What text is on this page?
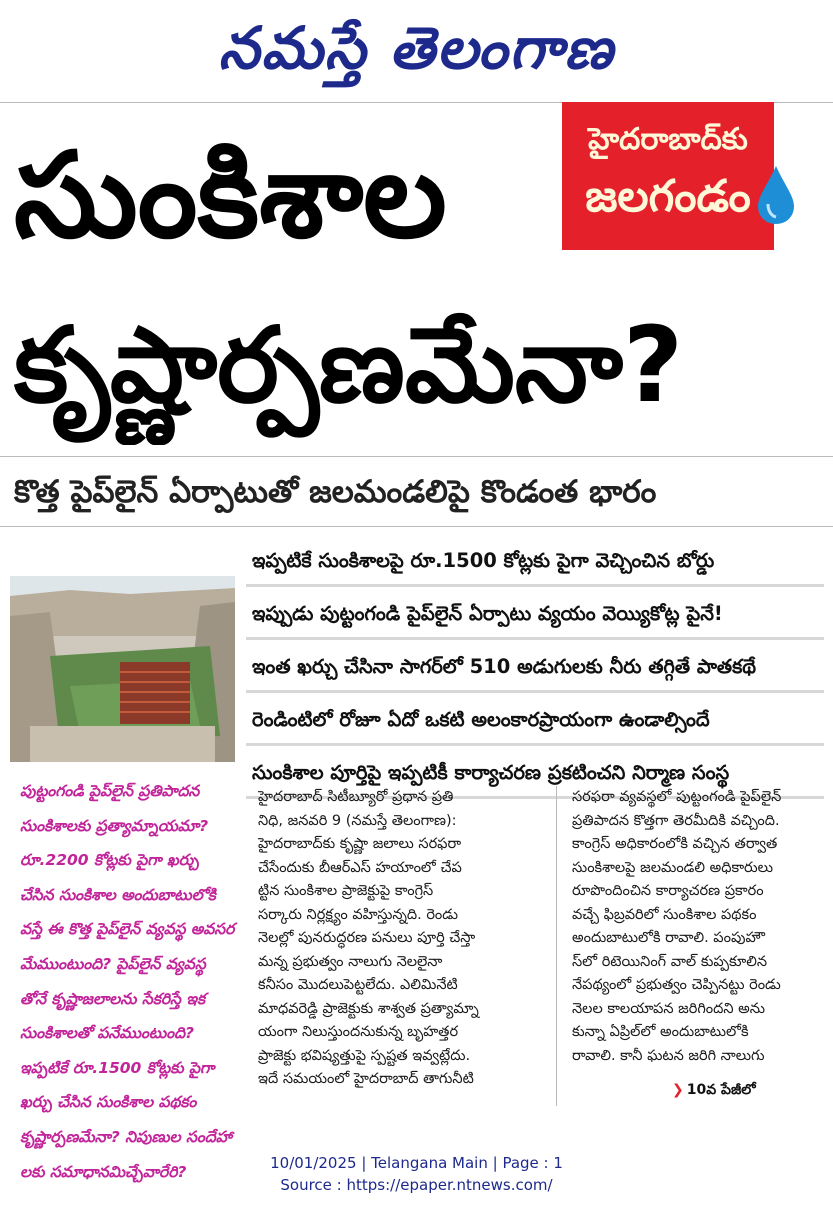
నమస్తే తెలంగాణ
సుంకిశాల
కృష్ణార్పణమేనా?
హైదరాబాద్‌కు
జలగండం
కొత్త పైప్‌లైన్ ఏర్పాటుతో జలమండలిపై కొండంత భారం
ఇప్పటికే సుంకిశాలపై రూ.1500 కోట్లకు పైగా వెచ్చించిన బోర్డు
ఇప్పుడు పుట్టంగండి పైప్‌లైన్ ఏర్పాటు వ్యయం వెయ్యికోట్ల పైనే!
ఇంత ఖర్చు చేసినా సాగర్‌లో 510 అడుగులకు నీరు తగ్గితే పాతకథే
రెండింటిలో రోజూ ఏదో ఒకటి అలంకారప్రాయంగా ఉండాల్సిందే
సుంకిశాల పూర్తిపై ఇప్పటికీ కార్యాచరణ ప్రకటించని నిర్మాణ సంస్థ

పుట్టంగండి పైప్‌లైన్ ప్రతిపాదన

సుంకిశాలకు ప్రత్యామ్నాయమా?

రూ.2200 కోట్లకు పైగా ఖర్చు

చేసిన సుంకిశాల అందుబాటులోకి

వస్తే ఈ కొత్త పైప్‌లైన్ వ్యవస్థ అవసర

మేముంటుంది? పైప్‌లైన్ వ్యవస్థ

తోనే కృష్ణాజలాలను సేకరిస్తే ఇక

సుంకిశాలతో పనేముంటుంది?

ఇప్పటికే రూ.1500 కోట్లకు పైగా

ఖర్చు చేసిన సుంకిశాల పథకం

కృష్ణార్పణమేనా? నిపుణుల సందేహా

లకు సమాధానమిచ్చేవారేరి?

హైదరాబాద్ సిటీబ్యూరో ప్రధాన ప్రతి

నిధి, జనవరి 9 (నమస్తే తెలంగాణ):

హైదరాబాద్‌కు కృష్ణా జలాలు సరఫరా

చేసేందుకు బీఆర్‌ఎస్ హయాంలో చేప

ట్టిన సుంకిశాల ప్రాజెక్టుపై కాంగ్రెస్

సర్కారు నిర్లక్ష్యం వహిస్తున్నది. రెండు

నెలల్లో పునరుద్ధరణ పనులు పూర్తి చేస్తా

మన్న ప్రభుత్వం నాలుగు నెలలైనా

కనీసం మొదలుపెట్టలేదు. ఎలిమినేటి

మాధవరెడ్డి ప్రాజెక్టుకు శాశ్వత ప్రత్యామ్నా

యంగా నిలుస్తుందనుకున్న బృహత్తర

ప్రాజెక్టు భవిష్యత్తుపై స్పష్టత ఇవ్వట్లేదు.

ఇదే సమయంలో హైదరాబాద్ తాగునీటి

సరఫరా వ్యవస్థలో పుట్టంగండి పైప్‌లైన్

ప్రతిపాదన కొత్తగా తెరమీదికి వచ్చింది.

కాంగ్రెస్ అధికారంలోకి వచ్చిన తర్వాత

సుంకిశాలపై జలమండలి అధికారులు

రూపొందించిన కార్యాచరణ ప్రకారం

వచ్చే ఫిబ్రవరిలో సుంకిశాల పథకం

అందుబాటులోకి రావాలి. పంపుహౌ

స్‌లో రిటెయినింగ్ వాల్ కుప్పకూలిన

నేపథ్యంలో ప్రభుత్వం చెప్పినట్టు రెండు

నెలల కాలయాపన జరిగిందని అను

కున్నా ఏప్రిల్‌లో అందుబాటులోకి

రావాలి. కానీ ఘటన జరిగి నాలుగు

❯ 10వ పేజీలో
10/01/2025 | Telangana Main | Page : 1
Source : https://epaper.ntnews.com/
